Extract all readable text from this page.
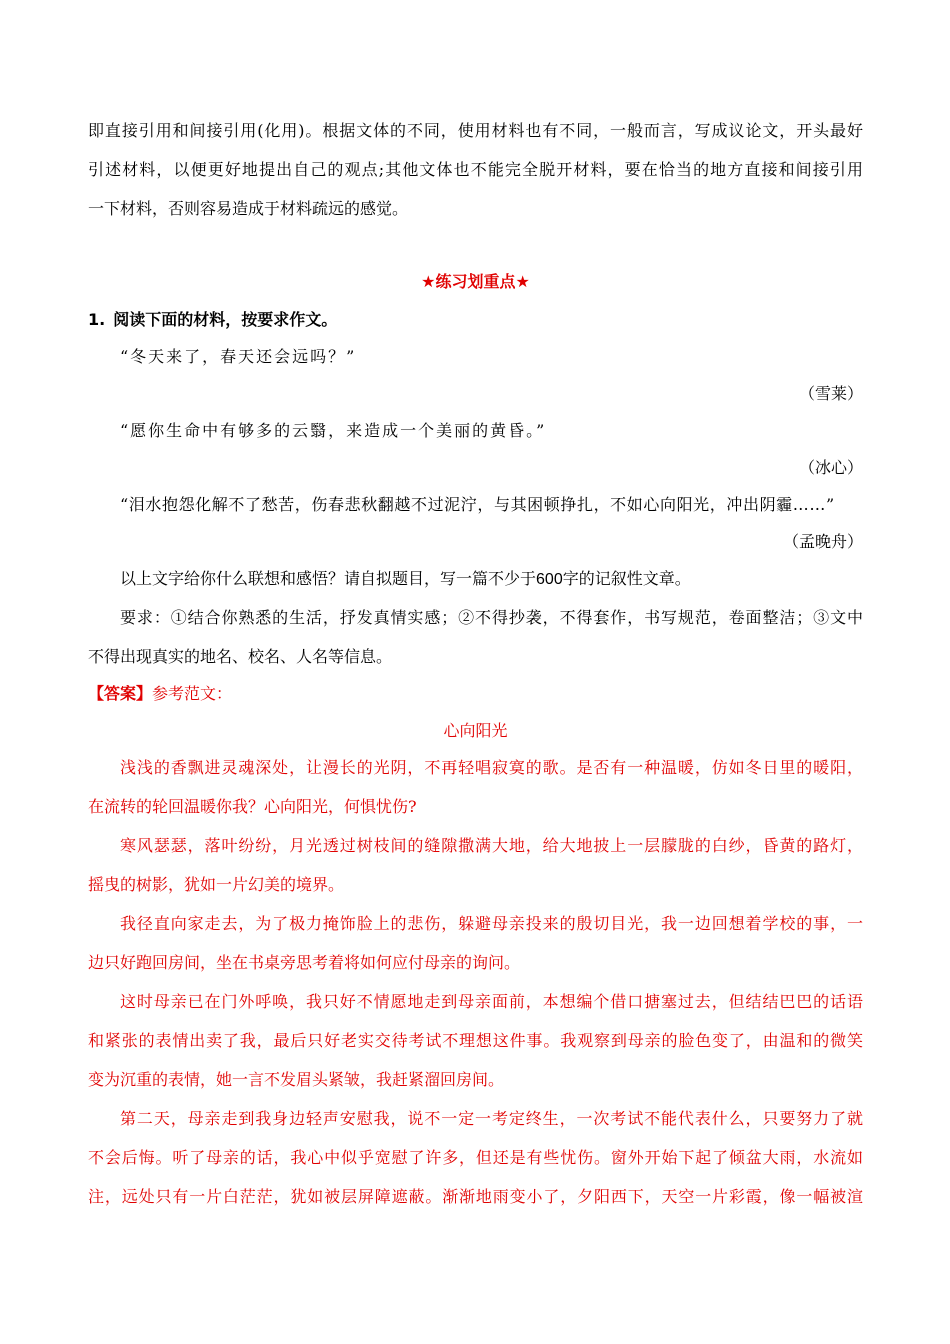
即直接引用和间接引用(化用)。根据文体的不同，使用材料也有不同，一般而言，写成议论文，开头最好
引述材料，以便更好地提出自己的观点;其他文体也不能完全脱开材料，要在恰当的地方直接和间接引用
一下材料，否则容易造成于材料疏远的感觉。
★练习划重点★
1. 阅读下面的材料，按要求作文。
“冬天来了，春天还会远吗？”
（雪莱）
“愿你生命中有够多的云翳，来造成一个美丽的黄昏。”
（冰心）
“泪水抱怨化解不了愁苦，伤春悲秋翻越不过泥泞，与其困顿挣扎，不如心向阳光，冲出阴霾……”
（孟晚舟）
以上文字给你什么联想和感悟？请自拟题目，写一篇不少于600字的记叙性文章。
要求：①结合你熟悉的生活，抒发真情实感；②不得抄袭，不得套作，书写规范，卷面整洁；③文中
不得出现真实的地名、校名、人名等信息。
【答案】参考范文：
心向阳光
浅浅的香飘进灵魂深处，让漫长的光阴，不再轻唱寂寞的歌。是否有一种温暖，仿如冬日里的暖阳，
在流转的轮回温暖你我？心向阳光，何惧忧伤?
寒风瑟瑟，落叶纷纷，月光透过树枝间的缝隙撒满大地，给大地披上一层朦胧的白纱，昏黄的路灯，
摇曳的树影，犹如一片幻美的境界。
我径直向家走去，为了极力掩饰脸上的悲伤，躲避母亲投来的殷切目光，我一边回想着学校的事，一
边只好跑回房间，坐在书桌旁思考着将如何应付母亲的询问。
这时母亲已在门外呼唤，我只好不情愿地走到母亲面前，本想编个借口搪塞过去，但结结巴巴的话语
和紧张的表情出卖了我，最后只好老实交待考试不理想这件事。我观察到母亲的脸色变了，由温和的微笑
变为沉重的表情，她一言不发眉头紧皱，我赶紧溜回房间。
第二天，母亲走到我身边轻声安慰我，说不一定一考定终生，一次考试不能代表什么，只要努力了就
不会后悔。听了母亲的话，我心中似乎宽慰了许多，但还是有些忧伤。窗外开始下起了倾盆大雨，水流如
注，远处只有一片白茫茫，犹如被层屏障遮蔽。渐渐地雨变小了，夕阳西下，天空一片彩霞，像一幅被渲
